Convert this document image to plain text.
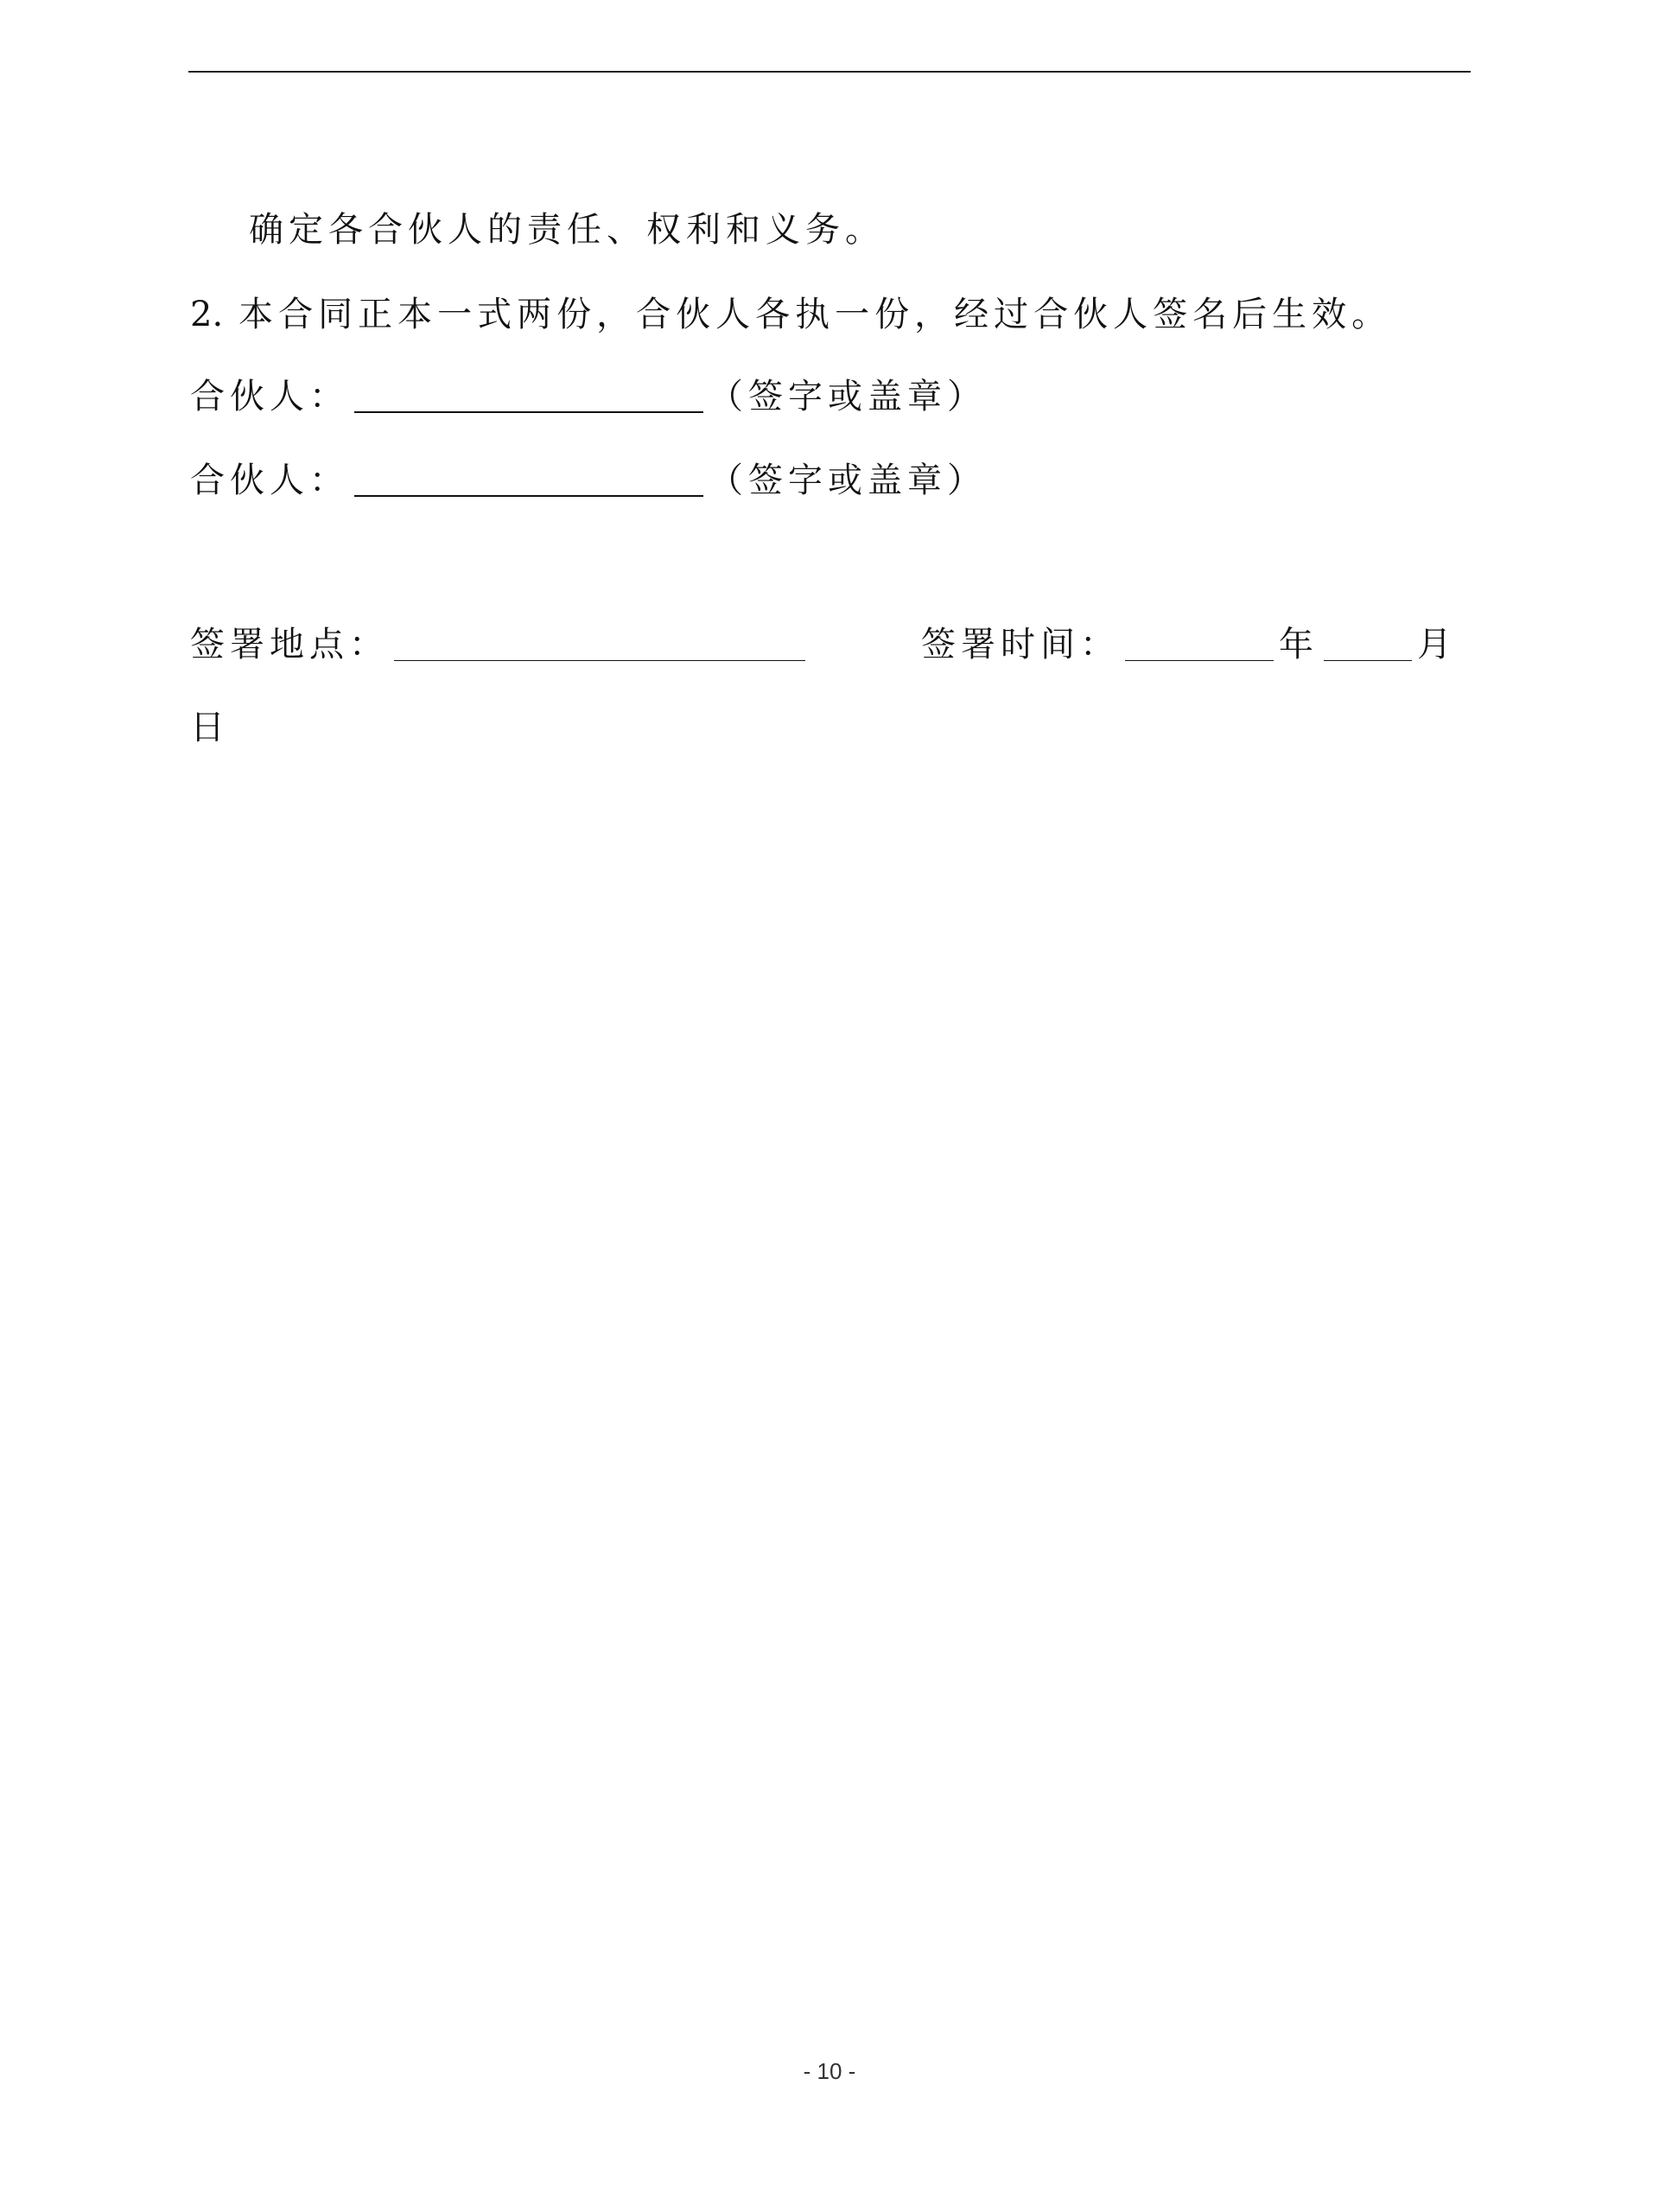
确定各合伙人的责任、权利和义务。
2. 本合同正本一式两份，合伙人各执一份，经过合伙人签名后生效。
合伙人：	（签字或盖章）
合伙人：	（签字或盖章）
签署地点：	签署时间：	年	月
日
- 10 -
